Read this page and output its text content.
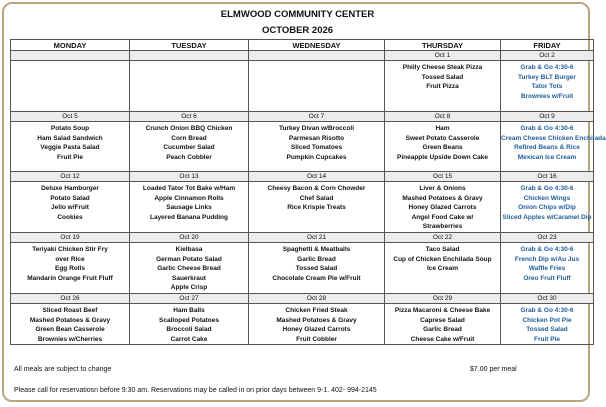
ELMWOOD COMMUNITY CENTER
OCTOBER 2026
MONDAY	TUESDAY	WEDNESDAY	THURSDAY	FRIDAY
			Oct 1	Oct 2

			Philly Cheese Steak Pizza
Tossed Salad
Fruit Pizza	Grab & Go 4:30-6
Turkey BLT Burger
Tator Tots
Brownies w/Fruit

Oct 5	Oct 6	Oct 7	Oct 8	Oct 9

Potato Soup
Ham Salad Sandwich
Veggie Pasta Salad
Fruit Pie	Crunch Onion BBQ Chicken
Corn Bread
Cucumber Salad
Peach Cobbler	Turkey Divan w/Broccoli
Parmesan Risotto
Sliced Tomatoes
Pumpkin Cupcakes	Ham
Sweet Potato Casserole
Green Beans
Pineapple Upside Down Cake	Grab & Go 4:30-6
Cream Cheese Chicken Enchilada
Refired Beans & Rice
Mexican Ice Cream

Oct 12	Oct 13	Oct 14	Oct 15	Oct 16

Deluxe Hamburger
Potato Salad
Jello w/Fruit
Cookies	Loaded Tator Tot Bake w/Ham
Apple Cinnamon Rolls
Sausage Links
Layered Banana Pudding	Cheesy Bacon & Corn Chowder
Chef Salad
Rice Krispie Treats	Liver & Onions
Mashed Potatoes & Gravy
Honey Glazed Carrots
Angel Food Cake w/
Strawberries	Grab & Go 4:30-6
Chicken Wings
Onion Chips w/Dip
Sliced Apples w/Caramel Dip

Oct 19	Oct 20	Oct 21	Oct 22	Oct 23

Teriyaki Chicken Stir Fry
over Rice
Egg Rolls
Mandarin Orange Fruit Fluff	Kielbasa
German Potato Salad
Garlic Cheese Bread
Sauerkraut
Apple Crisp	Spaghetti & Meatballs
Garlic Bread
Tossed Salad
Chocolate Cream Pie w/Fruit	Taco Salad
Cup of Chicken Enchilada Soup
Ice Cream	Grab & Go 4:30-6
French Dip w/Au Jus
Waffle Fries
Oreo Fruit Fluff

Oct 26	Oct 27	Oct 28	Oct 29	Oct 30

Sliced Roast Beef
Mashed Potatoes & Gravy
Green Bean Casserole
Brownies w/Cherries	Ham Balls
Scalloped Potatoes
Broccoli Salad
Carrot Cake	Chicken Fried Steak
Mashed Potatoes & Gravy
Honey Glazed Carrots
Fruit Cobbler	Pizza Macaroni & Cheese Bake
Caprese Salad
Garlic Bread
Cheese Cake w/Fruit	Grab & Go 4:30-6
Chicken Pot Pie
Tossed Salad
Fruit Pie
All meals are subject to change	$7.00 per meal
Please call for reservatiosn before 9:30 am. Reservations may be called in on prior days between 9-1. 402- 994-2145
